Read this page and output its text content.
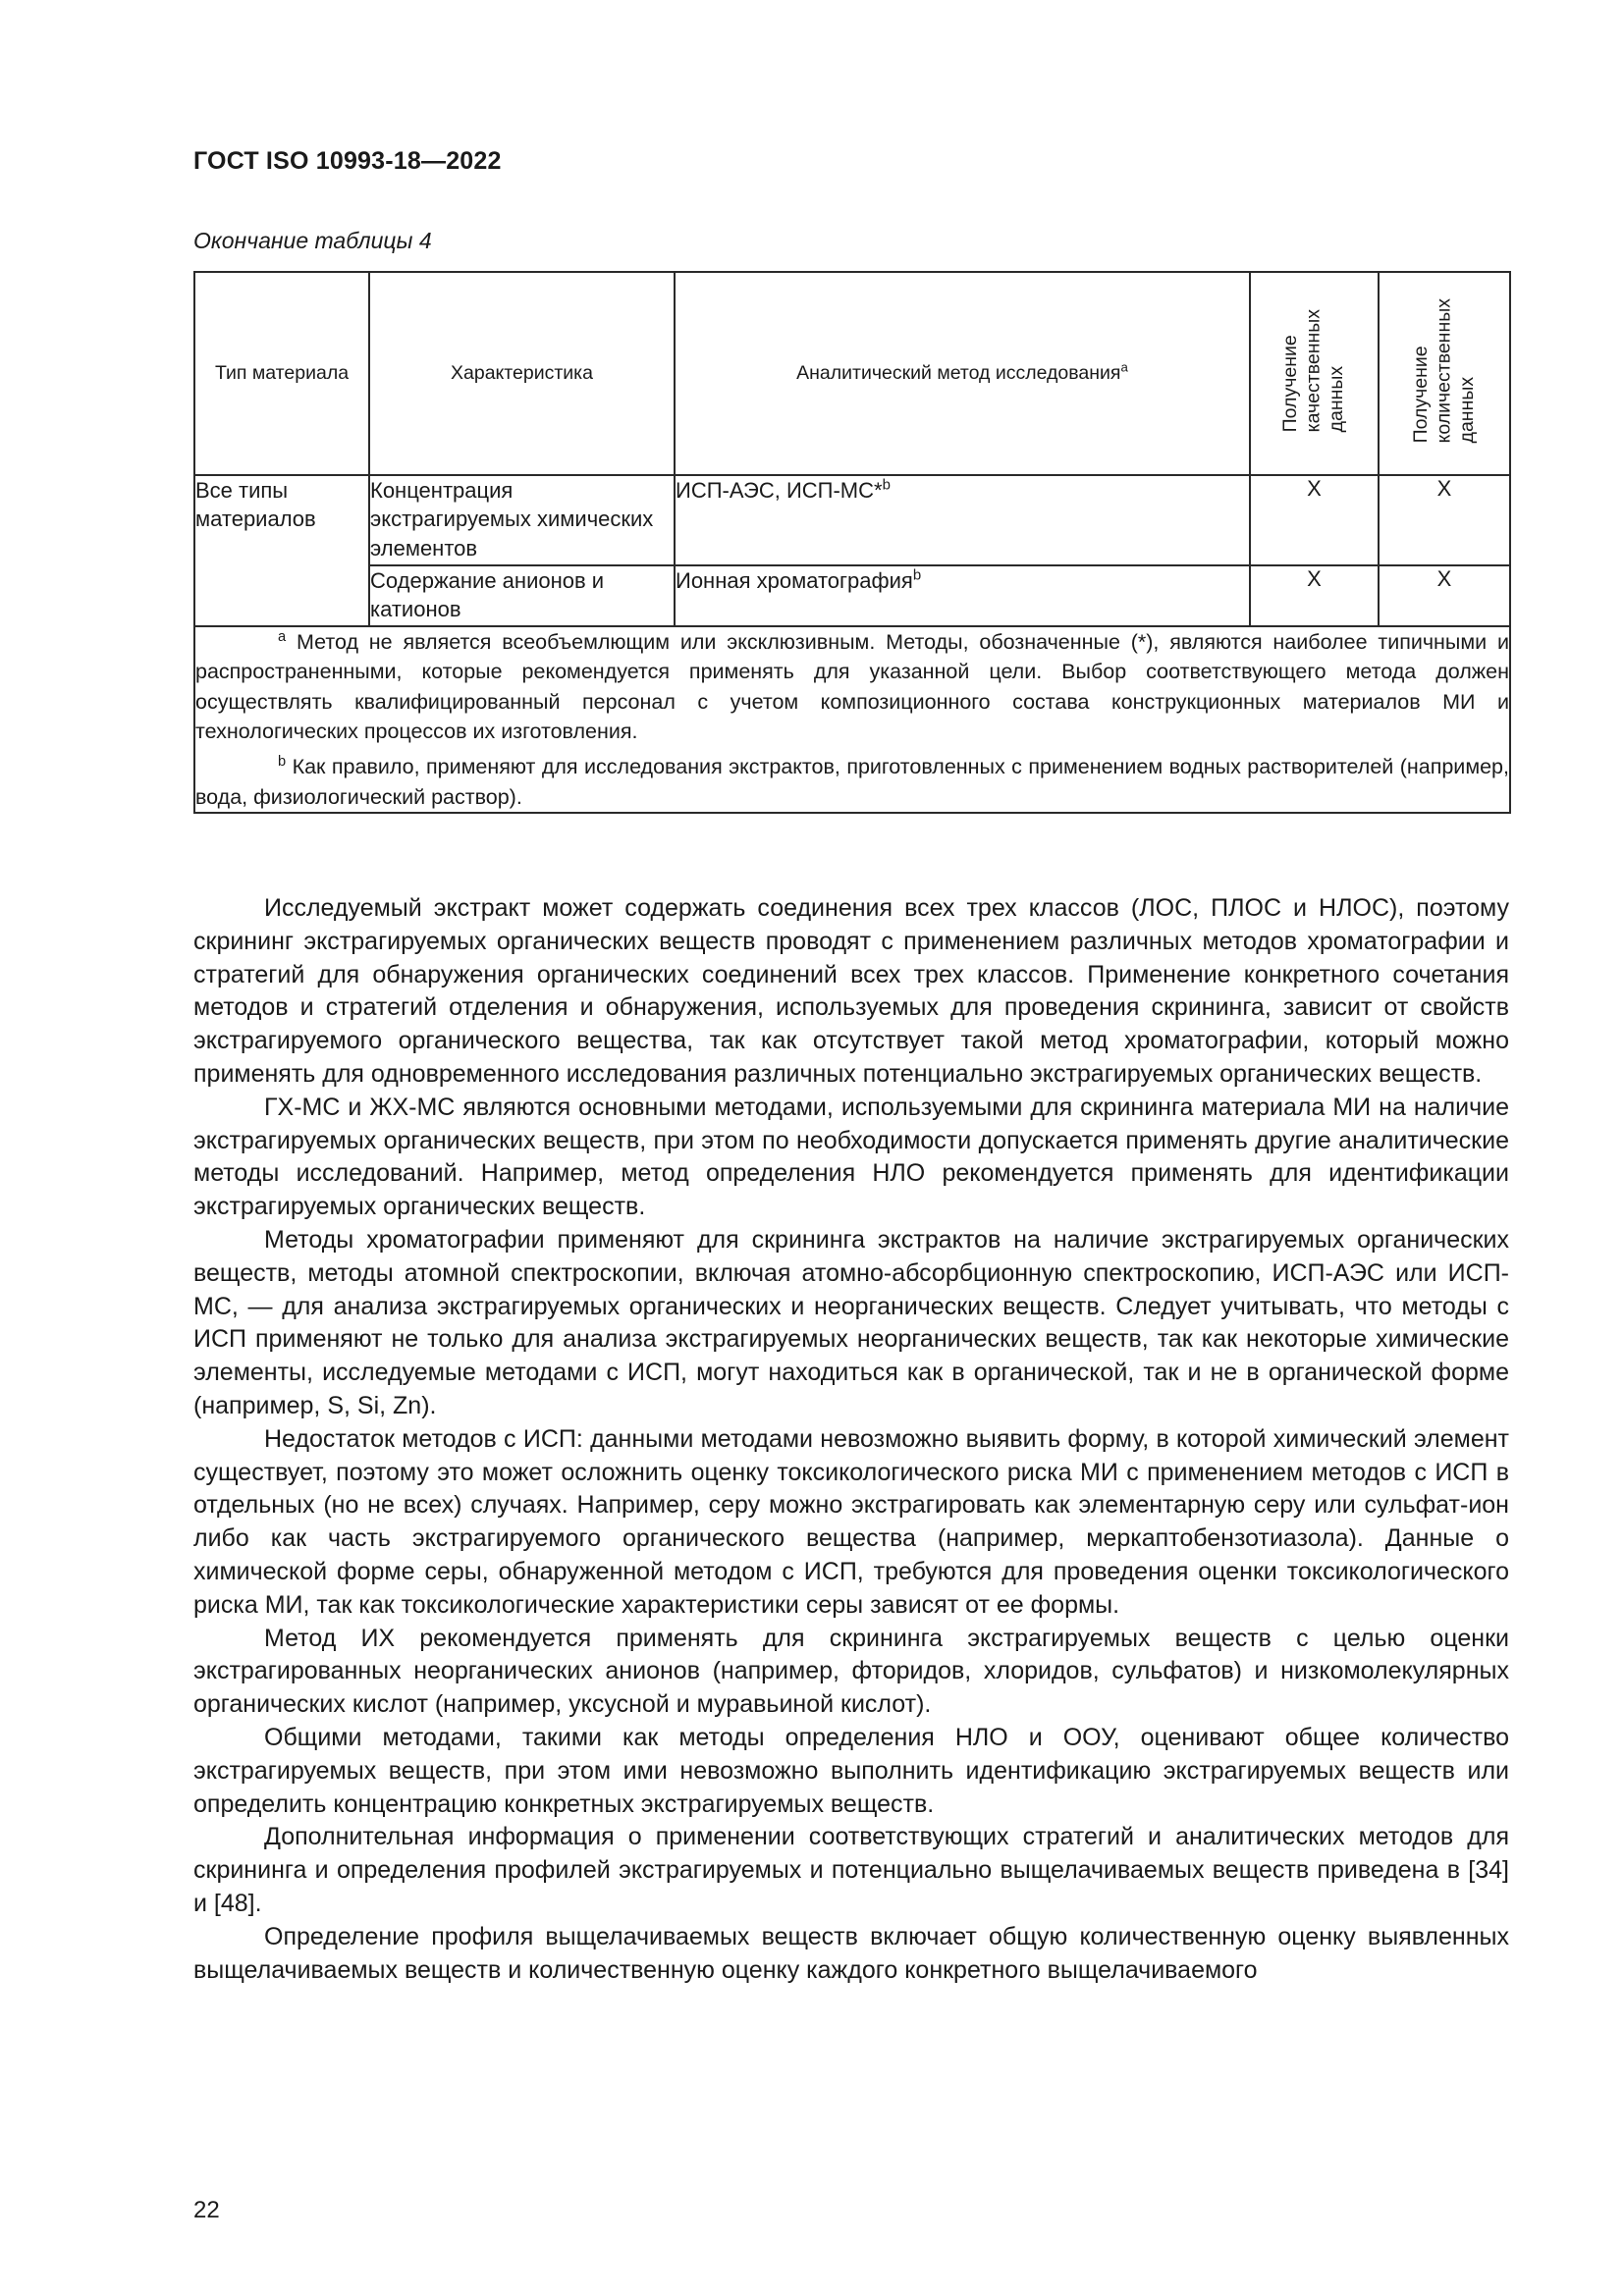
ГОСТ ISO 10993-18—2022
Окончание таблицы 4
Тип материала	Характеристика	Аналитический метод исследования$^a$	Получение
качественных
данных	Получение
количественных
данных
Все типы материалов	Концентрация экстрагируемых химических элементов	ИСП-АЭС, ИСП-МС*$^b$	X	X
	Содержание анионов и катионов	Ионная хроматография$^b$	X	X

$^a$ Метод не является всеобъемлющим или эксклюзивным. Методы, обозначенные (*), являются наиболее типичными и распространенными, которые рекомендуется применять для указанной цели. Выбор соответствующего метода должен осуществлять квалифицированный персонал с учетом композиционного состава конструкционных материалов МИ и технологических процессов их изготовления.

$^b$ Как правило, применяют для исследования экстрактов, приготовленных с применением водных растворителей (например, вода, физиологический раствор).				

Исследуемый экстракт может содержать соединения всех трех классов (ЛОС, ПЛОС и НЛОС), поэтому скрининг экстрагируемых органических веществ проводят с применением различных методов хроматографии и стратегий для обнаружения органических соединений всех трех классов. Применение конкретного сочетания методов и стратегий отделения и обнаружения, используемых для проведения скрининга, зависит от свойств экстрагируемого органического вещества, так как отсутствует такой метод хроматографии, который можно применять для одновременного исследования различных потенциально экстрагируемых органических веществ.

ГХ-МС и ЖХ-МС являются основными методами, используемыми для скрининга материала МИ на наличие экстрагируемых органических веществ, при этом по необходимости допускается применять другие аналитические методы исследований. Например, метод определения НЛО рекомендуется применять для идентификации экстрагируемых органических веществ.

Методы хроматографии применяют для скрининга экстрактов на наличие экстрагируемых органических веществ, методы атомной спектроскопии, включая атомно-абсорбционную спектроскопию, ИСП-АЭС или ИСП-МС, — для анализа экстрагируемых органических и неорганических веществ. Следует учитывать, что методы с ИСП применяют не только для анализа экстрагируемых неорганических веществ, так как некоторые химические элементы, исследуемые методами с ИСП, могут находиться как в органической, так и не в органической форме (например, S, Si, Zn).

Недостаток методов с ИСП: данными методами невозможно выявить форму, в которой химический элемент существует, поэтому это может осложнить оценку токсикологического риска МИ с применением методов с ИСП в отдельных (но не всех) случаях. Например, серу можно экстрагировать как элементарную серу или сульфат-ион либо как часть экстрагируемого органического вещества (например, меркаптобензотиазола). Данные о химической форме серы, обнаруженной методом с ИСП, требуются для проведения оценки токсикологического риска МИ, так как токсикологические характеристики серы зависят от ее формы.

Метод ИХ рекомендуется применять для скрининга экстрагируемых веществ с целью оценки экстрагированных неорганических анионов (например, фторидов, хлоридов, сульфатов) и низкомолекулярных органических кислот (например, уксусной и муравьиной кислот).

Общими методами, такими как методы определения НЛО и ООУ, оценивают общее количество экстрагируемых веществ, при этом ими невозможно выполнить идентификацию экстрагируемых веществ или определить концентрацию конкретных экстрагируемых веществ.

Дополнительная информация о применении соответствующих стратегий и аналитических методов для скрининга и определения профилей экстрагируемых и потенциально выщелачиваемых веществ приведена в [34] и [48].

Определение профиля выщелачиваемых веществ включает общую количественную оценку выявленных выщелачиваемых веществ и количественную оценку каждого конкретного выщелачиваемого

22
